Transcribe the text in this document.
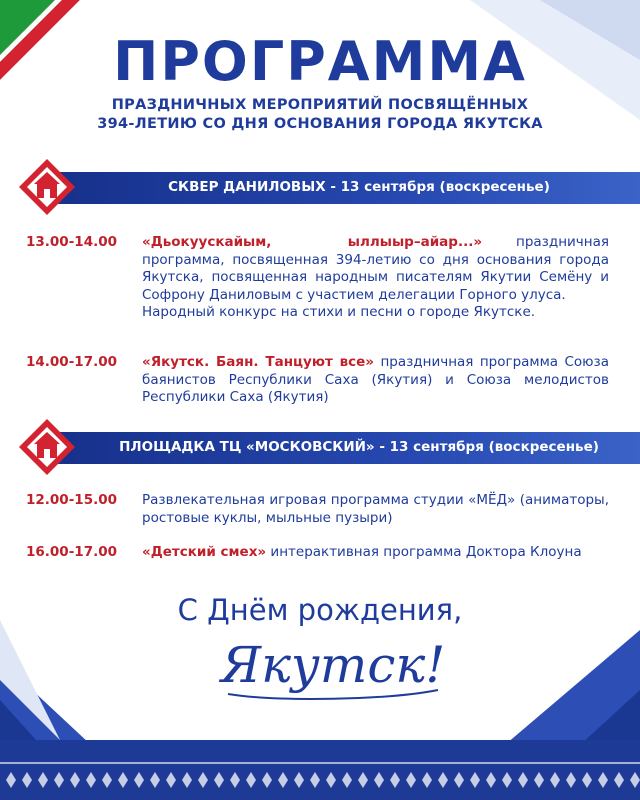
ПРОГРАММА
ПРАЗДНИЧНЫХ МЕРОПРИЯТИЙ ПОСВЯЩЁННЫХ
394-ЛЕТИЮ СО ДНЯ ОСНОВАНИЯ ГОРОДА ЯКУТСКА
СКВЕР ДАНИЛОВЫХ - 13 сентября (воскресенье)
13.00-14.00 «Дьокуускайым, ыллыыр–айар...» праздничная программа, посвященная 394-летию со дня основания города Якутска, посвященная народным писателям Якутии Семёну и Софрону Даниловым с участием делегации Горного улуса.
Народный конкурс на стихи и песни о городе Якутске.
14.00-17.00 «Якутск. Баян. Танцуют все» праздничная программа Союза баянистов Республики Саха (Якутия) и Союза мелодистов Республики Саха (Якутия)
ПЛОЩАДКА ТЦ «МОСКОВСКИЙ» - 13 сентября (воскресенье)
12.00-15.00 Развлекательная игровая программа студии «МЁД» (аниматоры, ростовые куклы, мыльные пузыри)
16.00-17.00 «Детский смех» интерактивная программа Доктора Клоуна
С Днём рождения,
Якутск!
